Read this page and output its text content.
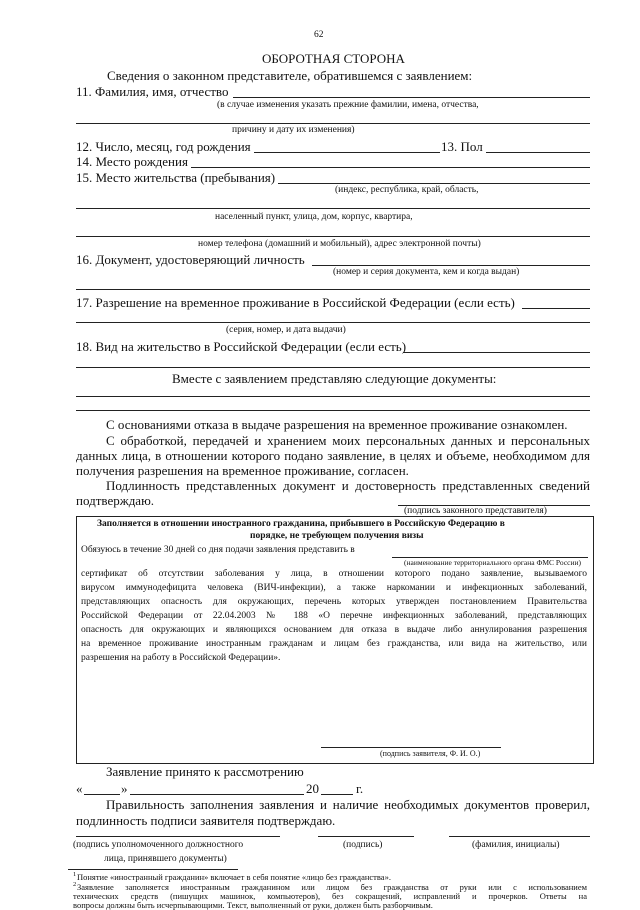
62
ОБОРОТНАЯ СТОРОНА
Сведения о законном представителе, обратившемся с заявлением:
11. Фамилия, имя, отчество
(в случае изменения указать прежние фамилии, имена, отчества,
причину и дату их изменения)
12. Число, месяц, год рождения	13. Пол
14. Место рождения
15. Место жительства (пребывания)
(индекс, республика, край, область,
населенный пункт, улица, дом, корпус, квартира,
номер телефона (домашний и мобильный), адрес электронной почты)
16. Документ, удостоверяющий личность
(номер и серия документа, кем и когда выдан)
17. Разрешение на временное проживание в Российской Федерации (если есть)
(серия, номер, и дата выдачи)
18. Вид на жительство в Российской Федерации (если есть)
Вместе с заявлением представляю следующие документы:
С основаниями отказа в выдаче разрешения на временное проживание ознакомлен.
С обработкой, передачей и хранением моих персональных данных и персональных
данных лица, в отношении которого подано заявление, в целях и объеме, необходимом для
получения разрешения на временное проживание, согласен.
Подлинность представленных документ и достоверность представленных сведений
подтверждаю.
(подпись законного представителя)
Заполняется в отношении иностранного гражданина, прибывшего в Российскую Федерацию в
порядке, не требующем получения визы
Обязуюсь в течение 30 дней со дня подачи заявления представить в
(наименование территориального органа ФМС России)
сертификат об отсутствии заболевания у лица, в отношении которого подано заявление, вызываемого
вирусом иммунодефицита человека (ВИЧ-инфекции), а также наркомании и инфекционных заболеваний,
представляющих опасность для окружающих, перечень которых утвержден постановлением Правительства
Российской Федерации от 22.04.2003 № 188 «О перечне инфекционных заболеваний, представляющих
опасность для окружающих и являющихся основанием для отказа в выдаче либо аннулирования разрешения
на временное проживание иностранным гражданам и лицам без гражданства, или вида на жительство, или
разрешения на работу в Российской Федерации».
(подпись заявителя, Ф. И. О.)
Заявление принято к рассмотрению
«	»	20	г.
Правильность заполнения заявления и наличие необходимых документов проверил,
подлинность подписи заявителя подтверждаю.
(подпись уполномоченного должностного
лица, принявшего документы)
(подпись)	(фамилия, инициалы)
1 Понятие «иностранный гражданин» включает в себя понятие «лицо без гражданства».
2 Заявление заполняется иностранным гражданином или лицом без гражданства от руки или с использованием
технических средств (пишущих машинок, компьютеров), без сокращений, исправлений и прочерков. Ответы на
вопросы должны быть исчерпывающими. Текст, выполненный от руки, должен быть разборчивым.
